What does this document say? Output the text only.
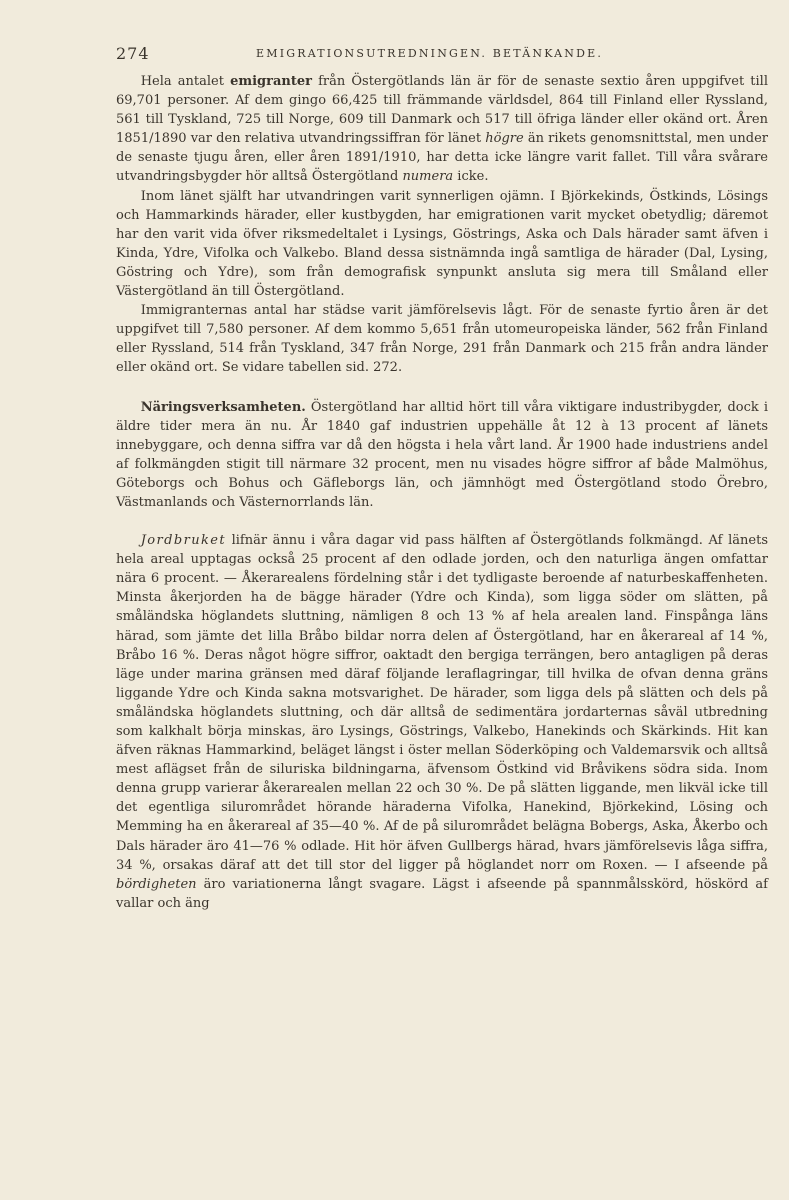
274	EMIGRATIONSUTREDNINGEN. BETÄNKANDE.

Hela antalet emigranter från Östergötlands län är för de senaste sextio åren uppgifvet till 69,701 personer. Af dem gingo 66,425 till främmande världsdel, 864 till Finland eller Ryssland, 561 till Tyskland, 725 till Norge, 609 till Danmark och 517 till öfriga länder eller okänd ort. Åren 1851/1890 var den relativa utvandringssiffran för länet högre än rikets genomsnittstal, men under de senaste tjugu åren, eller åren 1891/1910, har detta icke längre varit fallet. Till våra svårare utvandringsbygder hör alltså Östergötland numera icke.

Inom länet själft har utvandringen varit synnerligen ojämn. I Björkekinds, Östkinds, Lösings och Hammarkinds härader, eller kustbygden, har emigrationen varit mycket obetydlig; däremot har den varit vida öfver riksmedeltalet i Lysings, Göstrings, Aska och Dals härader samt äfven i Kinda, Ydre, Vifolka och Valkebo. Bland dessa sistnämnda ingå samtliga de härader (Dal, Lysing, Göstring och Ydre), som från demografisk synpunkt ansluta sig mera till Småland eller Västergötland än till Östergötland.

Immigranternas antal har städse varit jämförelsevis lågt. För de senaste fyrtio åren är det uppgifvet till 7,580 personer. Af dem kommo 5,651 från utomeuropeiska länder, 562 från Finland eller Ryssland, 514 från Tyskland, 347 från Norge, 291 från Danmark och 215 från andra länder eller okänd ort. Se vidare tabellen sid. 272.

Näringsverksamheten. Östergötland har alltid hört till våra viktigare industribygder, dock i äldre tider mera än nu. År 1840 gaf industrien uppehälle åt 12 à 13 procent af länets innebyggare, och denna siffra var då den högsta i hela vårt land. År 1900 hade industriens andel af folkmängden stigit till närmare 32 procent, men nu visades högre siffror af både Malmöhus, Göteborgs och Bohus och Gäfleborgs län, och jämnhögt med Östergötland stodo Örebro, Västmanlands och Västernorrlands län.

Jordbruket lifnär ännu i våra dagar vid pass hälften af Östergötlands folkmängd. Af länets hela areal upptagas också 25 procent af den odlade jorden, och den naturliga ängen omfattar nära 6 procent. — Åkerarealens fördelning står i det tydligaste beroende af naturbeskaffenheten. Minsta åkerjorden ha de bägge härader (Ydre och Kinda), som ligga söder om slätten, på småländska höglandets sluttning, nämligen 8 och 13 % af hela arealen land. Finspånga läns härad, som jämte det lilla Bråbo bildar norra delen af Östergötland, har en åkerareal af 14 %, Bråbo 16 %. Deras något högre siffror, oaktadt den bergiga terrängen, bero antagligen på deras läge under marina gränsen med däraf följande leraflagringar, till hvilka de ofvan denna gräns liggande Ydre och Kinda sakna motsvarighet. De härader, som ligga dels på slätten och dels på småländska höglandets sluttning, och där alltså de sedimentära jordarternas såväl utbredning som kalkhalt börja minskas, äro Lysings, Göstrings, Valkebo, Hanekinds och Skärkinds. Hit kan äfven räknas Hammarkind, beläget längst i öster mellan Söderköping och Valdemarsvik och alltså mest aflägset från de siluriska bildningarna, äfvensom Östkind vid Bråvikens södra sida. Inom denna grupp varierar åkerarealen mellan 22 och 30 %. De på slätten liggande, men likväl icke till det egentliga silurområdet hörande häraderna Vifolka, Hanekind, Björkekind, Lösing och Memming ha en åkerareal af 35—40 %. Af de på silurområdet belägna Bobergs, Aska, Åkerbo och Dals härader äro 41—76 % odlade. Hit hör äfven Gullbergs härad, hvars jämförelsevis låga siffra, 34 %, orsakas däraf att det till stor del ligger på höglandet norr om Roxen. — I afseende på bördigheten äro variationerna långt svagare. Lägst i afseende på spannmålsskörd, höskörd af vallar och äng
